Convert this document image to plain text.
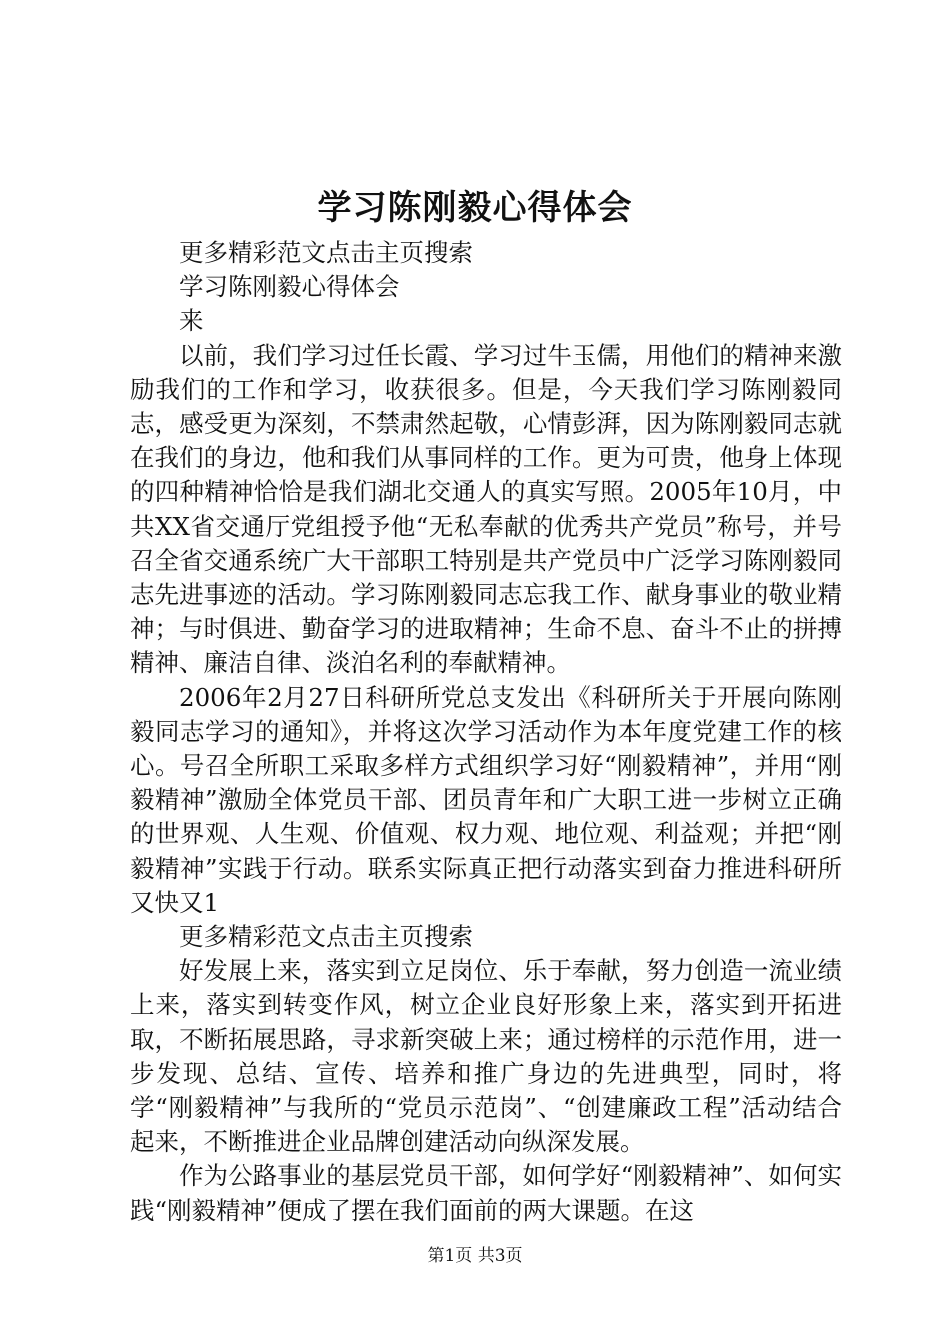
学习陈刚毅心得体会

更多精彩范文点击主页搜索

学习陈刚毅心得体会

来

以前，我们学习过任长霞、学习过牛玉儒，用他们的精神来激励我们的工作和学习，收获很多。但是，今天我们学习陈刚毅同志，感受更为深刻，不禁肃然起敬，心情彭湃，因为陈刚毅同志就在我们的身边，他和我们从事同样的工作。更为可贵，他身上体现的四种精神恰恰是我们湖北交通人的真实写照。2005年10月，中共XX省交通厅党组授予他“无私奉献的优秀共产党员”称号，并号召全省交通系统广大干部职工特别是共产党员中广泛学习陈刚毅同志先进事迹的活动。学习陈刚毅同志忘我工作、献身事业的敬业精神；与时俱进、勤奋学习的进取精神；生命不息、奋斗不止的拼搏精神、廉洁自律、淡泊名利的奉献精神。

2006年2月27日科研所党总支发出《科研所关于开展向陈刚毅同志学习的通知》，并将这次学习活动作为本年度党建工作的核心。号召全所职工采取多样方式组织学习好“刚毅精神”，并用“刚毅精神”激励全体党员干部、团员青年和广大职工进一步树立正确的世界观、人生观、价值观、权力观、地位观、利益观；并把“刚毅精神”实践于行动。联系实际真正把行动落实到奋力推进科研所又快又1

更多精彩范文点击主页搜索

好发展上来，落实到立足岗位、乐于奉献，努力创造一流业绩上来，落实到转变作风，树立企业良好形象上来，落实到开拓进取，不断拓展思路，寻求新突破上来；通过榜样的示范作用，进一步发现、总结、宣传、培养和推广身边的先进典型，同时，将学“刚毅精神”与我所的“党员示范岗”、“创建廉政工程”活动结合起来，不断推进企业品牌创建活动向纵深发展。

作为公路事业的基层党员干部，如何学好“刚毅精神”、如何实践“刚毅精神”便成了摆在我们面前的两大课题。在这

第1页 共3页
